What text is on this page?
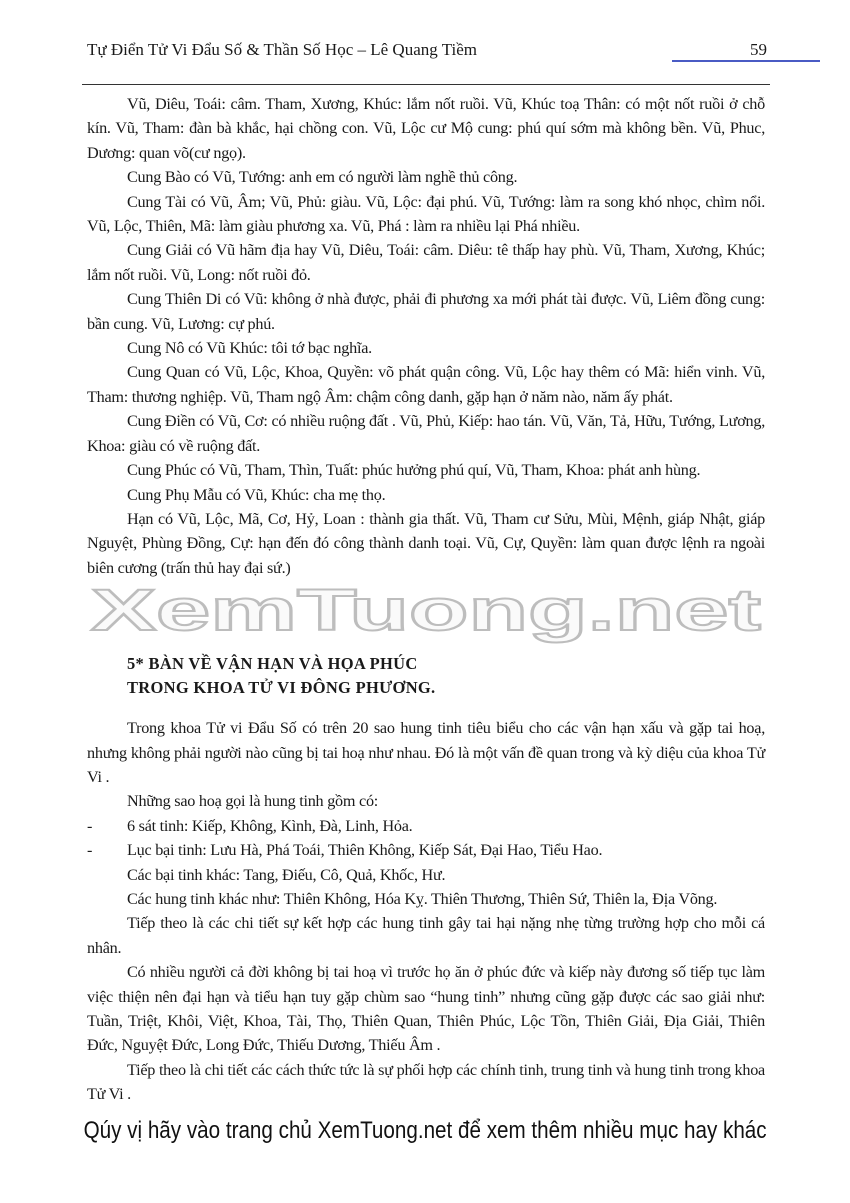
Tự Điển Tử Vi Đẩu Số & Thần Số Học – Lê Quang Tiềm	59

Vũ, Diêu, Toái: câm. Tham, Xương, Khúc: lắm nốt ruồi. Vũ, Khúc toạ Thân: có một nốt ruồi ở chỗ kín. Vũ, Tham: đàn bà khắc, hại chồng con. Vũ, Lộc cư Mộ cung: phú quí sớm mà không bền. Vũ, Phuc, Dương: quan võ(cư ngọ).

Cung Bào có Vũ, Tướng: anh em có người làm nghề thủ công.

Cung Tài có Vũ, Âm; Vũ, Phủ: giàu. Vũ, Lộc: đại phú. Vũ, Tướng: làm ra song khó nhọc, chìm nổi. Vũ, Lộc, Thiên, Mã: làm giàu phương xa. Vũ, Phá : làm ra nhiều lại Phá nhiều.

Cung Giải có Vũ hãm địa hay Vũ, Diêu, Toái: câm. Diêu: tê thấp hay phù. Vũ, Tham, Xương, Khúc; lắm nốt ruồi. Vũ, Long: nốt ruồi đỏ.

Cung Thiên Di có Vũ: không ở nhà được, phải đi phương xa mới phát tài được. Vũ, Liêm đồng cung: bần cung. Vũ, Lương: cự phú.

Cung Nô có Vũ Khúc: tôi tớ bạc nghĩa.

Cung Quan có Vũ, Lộc, Khoa, Quyền: võ phát quận công. Vũ, Lộc hay thêm có Mã: hiển vinh. Vũ, Tham: thương nghiệp. Vũ, Tham ngộ Âm: chậm công danh, gặp hạn ở năm nào, năm ấy phát.

Cung Điền có Vũ, Cơ: có nhiều ruộng đất . Vũ, Phủ, Kiếp: hao tán. Vũ, Văn, Tả, Hữu, Tướng, Lương, Khoa: giàu có về ruộng đất.

Cung Phúc có Vũ, Tham, Thìn, Tuất: phúc hưởng phú quí, Vũ, Tham, Khoa: phát anh hùng.

Cung Phụ Mẫu có Vũ, Khúc: cha mẹ thọ.

Hạn có Vũ, Lộc, Mã, Cơ, Hỷ, Loan : thành gia thất. Vũ, Tham cư Sửu, Mùi, Mệnh, giáp Nhật, giáp Nguyệt, Phùng Đồng, Cự: hạn đến đó công thành danh toại. Vũ, Cự, Quyền: làm quan được lệnh ra ngoài biên cương (trấn thủ hay đại sứ.)

XemTuong.net
5* BÀN VỀ VẬN HẠN VÀ HỌA PHÚC
TRONG KHOA TỬ VI ĐÔNG PHƯƠNG.

Trong khoa Tử vi Đẩu Số có trên 20 sao hung tinh tiêu biểu cho các vận hạn xấu và gặp tai hoạ, nhưng không phải người nào cũng bị tai hoạ như nhau. Đó là một vấn đề quan trong và kỳ diệu của khoa Tử Vi .

Những sao hoạ gọi là hung tinh gồm có:

-	6 sát tinh: Kiếp, Không, Kình, Đà, Linh, Hỏa.
-	Lục bại tinh: Lưu Hà, Phá Toái, Thiên Không, Kiếp Sát, Đại Hao, Tiểu Hao.

Các bại tinh khác: Tang, Điếu, Cô, Quả, Khốc, Hư.

Các hung tinh khác như: Thiên Không, Hóa Kỵ. Thiên Thương, Thiên Sứ, Thiên la, Địa Võng.

Tiếp theo là các chi tiết sự kết hợp các hung tinh gây tai hại nặng nhẹ từng trường hợp cho mỗi cá nhân.

Có nhiều người cả đời không bị tai hoạ vì trước họ ăn ở phúc đức và kiếp này đương số tiếp tục làm việc thiện nên đại hạn và tiểu hạn tuy gặp chùm sao “hung tinh” nhưng cũng gặp được các sao giải như: Tuần, Triệt, Khôi, Việt, Khoa, Tài, Thọ, Thiên Quan, Thiên Phúc, Lộc Tồn, Thiên Giải, Địa Giải, Thiên Đức, Nguyệt Đức, Long Đức, Thiếu Dương, Thiếu Âm .

Tiếp theo là chi tiết các cách thức tức là sự phối hợp các chính tinh, trung tinh và hung tinh trong khoa Tử Vi .

Qúy vị hãy vào trang chủ XemTuong.net để xem thêm nhiều mục hay khác
